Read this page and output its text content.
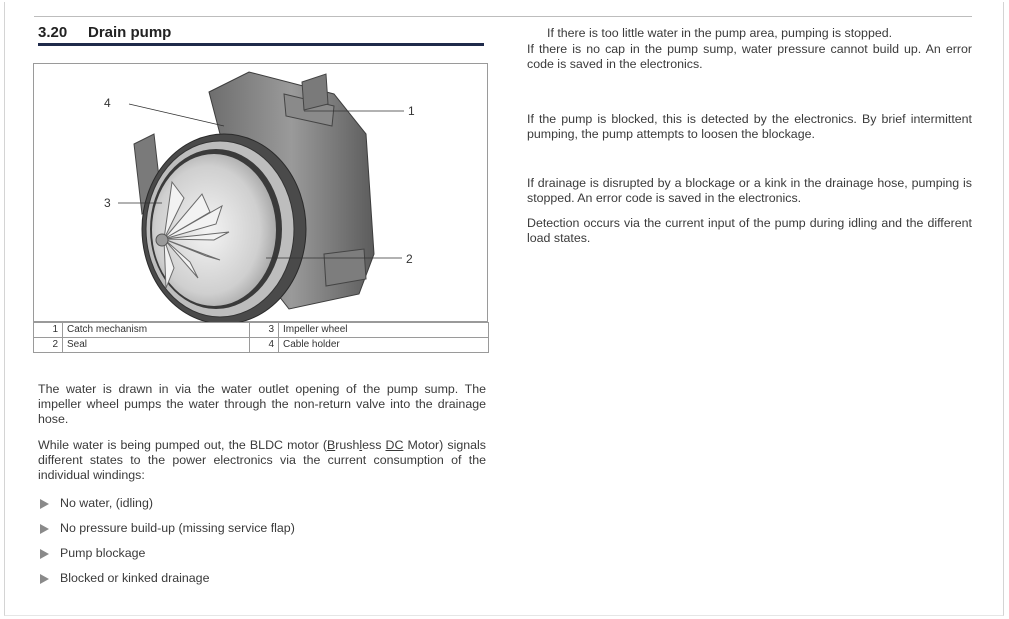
3.20 Drain pump
4
1
3
2
1	Catch mechanism	3	Impeller wheel
2	Seal	4	Cable holder
The water is drawn in via the water outlet opening of the pump sump. The impeller wheel pumps the water through the non-return valve into the drainage hose.
While water is being pumped out, the BLDC motor (Brushless DC Motor) signals different states to the power electronics via the current consumption of the individual windings:
No water, (idling)
No pressure build-up (missing service flap)
Pump blockage
Blocked or kinked drainage
If there is too little water in the pump area, pumping is stopped.
If there is no cap in the pump sump, water pressure cannot build up. An error code is saved in the electronics.
If the pump is blocked, this is detected by the electronics. By brief intermittent pumping, the pump attempts to loosen the blockage.
If drainage is disrupted by a blockage or a kink in the drainage hose, pumping is stopped. An error code is saved in the electronics.
Detection occurs via the current input of the pump during idling and the different load states.
